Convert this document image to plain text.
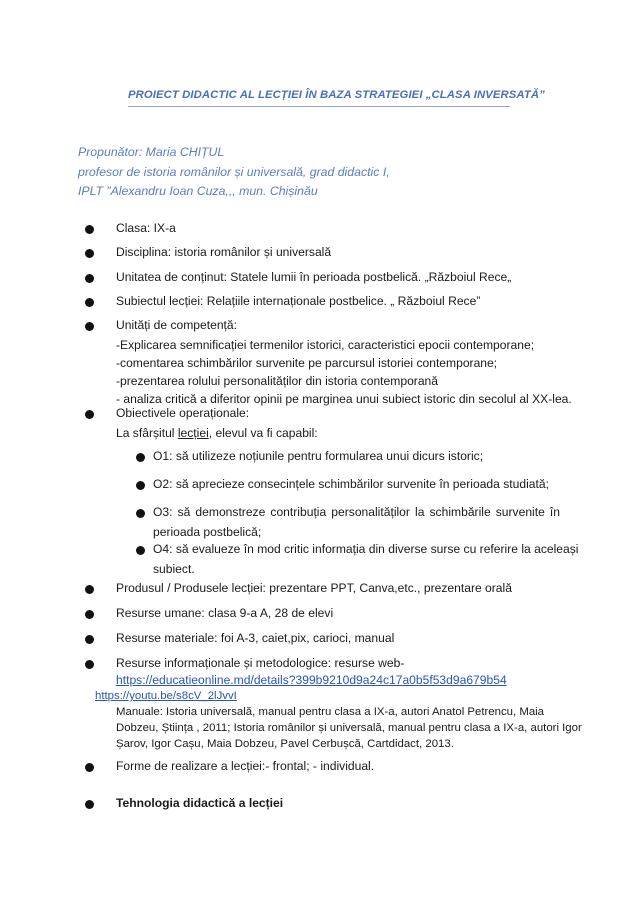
PROIECT DIDACTIC AL LECȚIEI ÎN BAZA STRATEGIEI „CLASA INVERSATĂ”
Propunător: Maria CHIȚUL
profesor de istoria românilor și universală, grad didactic I,
IPLT ”Alexandru Ioan Cuza,,, mun. Chișinău
Clasa: IX-a
Disciplina: istoria românilor și universală
Unitatea de conținut: Statele lumii în perioada postbelică. „Războiul Rece„
Subiectul lecției: Relațiile internaționale postbelice. „ Războiul Rece”
Unități de competență:
-Explicarea semnificației termenilor istorici, caracteristici epocii contemporane;
-comentarea schimbărilor survenite pe parcursul istoriei contemporane;
-prezentarea rolului personalităților din istoria contemporană
- analiza critică a diferitor opinii pe marginea unui subiect istoric din secolul al XX-lea.
Obiectivele operaționale:
La sfârșitul lecției, elevul va fi capabil:
O1: să utilizeze noțiunile pentru formularea unui dicurs istoric;
O2: să aprecieze consecințele schimbărilor survenite în perioada studiată;
O3: să demonstreze contribuția personalităților la schimbările survenite în
perioada postbelică;
O4: să evalueze în mod critic informația din diverse surse cu referire la aceleași
subiect.
Produsul / Produsele lecției: prezentare PPT, Canva,etc., prezentare orală
Resurse umane: clasa 9-a A, 28 de elevi
Resurse materiale: foi A-3, caiet,pix, carioci, manual
Resurse informaționale și metodologice: resurse web-
https://educatieonline.md/details?399b9210d9a24c17a0b5f53d9a679b54
https://youtu.be/s8cV_2lJvvI
Manuale: Istoria universală, manual pentru clasa a IX-a, autori Anatol Petrencu, Maia
Dobzeu, Știința , 2011; Istoria românilor și universală, manual pentru clasa a IX-a, autori Igor
Șarov, Igor Cașu, Maia Dobzeu, Pavel Cerbușcă, Cartdidact, 2013.
Forme de realizare a lecției:- frontal; - individual.
Tehnologia didactică a lecției
